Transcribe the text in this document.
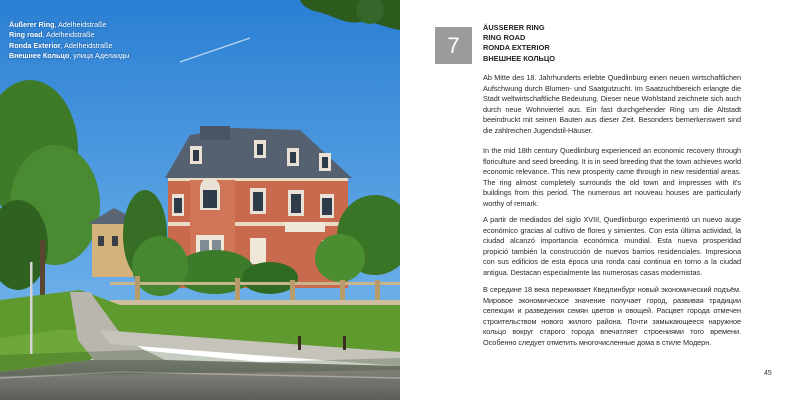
Äußerer Ring, Adelheidstraße
Ring road, Adelheidstraße
Ronda Exterior, Adelheidstraße
Внешнее Кольцо, улица Аделаиды	7
ÄUSSERER RING
RING ROAD
RONDA EXTERIOR
ВНЕШНЕЕ КОЛЬЦО

Ab Mitte des 18. Jahrhunderts erlebte Quedlinburg einen neuen wirtschaftlichen Aufschwung durch Blumen- und Saatgutzucht. Im Saatzuchtbereich erlangte die Stadt weltwirtschaftliche Bedeutung. Dieser neue Wohlstand zeichnete sich auch durch neue Wohnviertel aus. Ein fast durchgehender Ring um die Altstadt beeindruckt mit seinen Bauten aus dieser Zeit. Besonders bemerkenswert sind die zahlreichen Jugendstil-Häuser.

In the mid 18th century Quedlinburg experienced an economic recovery through floriculture and seed breeding. It is in seed breeding that the town achieves world economic relevance. This new prosperity came through in new residential areas. The ring almost completely surrounds the old town and impresses with it's buildings from this period. The numerous art nouveau houses are particularly worthy of remark.

A partir de mediados del siglo XVIII, Quedlinburgo experimentó un nuevo auge económico gracias al cultivo de flores y simientes. Con esta última actividad, la ciudad alcanzó importancia económica mundial. Esta nueva prosperidad propició también la construcción de nuevos barrios residenciales. Impresiona con sus edificios de esta época una ronda casi continua en torno a la ciudad antigua. Destacan especialmente las numerosas casas modernistas.

В середине 18 века переживает Кведлинбург новый экономический подъём. Мировое экономическое значение получает город, развивая традиции селекции и разведения семян цветов и овощей. Расцвет города отмечен строительством нового жилого района. Почти замыкающееся наружное кольцо вокруг старого города впечатляет строениями того времени. Особенно следует отметить многочисленные дома в стиле Модерн.

45
